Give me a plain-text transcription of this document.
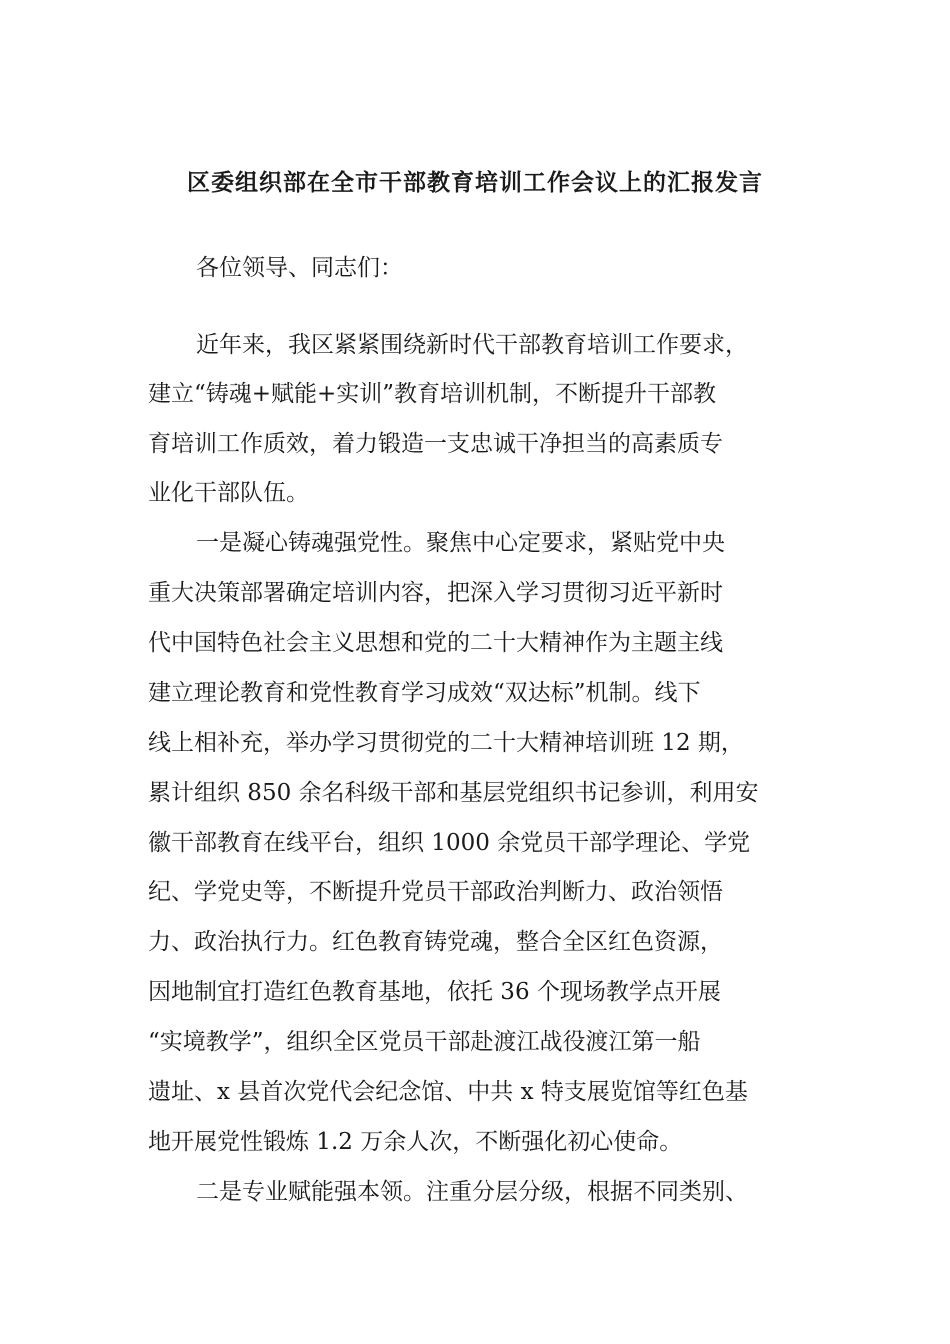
区委组织部在全市干部教育培训工作会议上的汇报发言

各位领导、同志们：

近年来，我区紧紧围绕新时代干部教育培训工作要求，

建立“铸魂+赋能+实训”教育培训机制，不断提升干部教

育培训工作质效，着力锻造一支忠诚干净担当的高素质专

业化干部队伍。

一是凝心铸魂强党性。聚焦中心定要求，紧贴党中央

重大决策部署确定培训内容，把深入学习贯彻习近平新时

代中国特色社会主义思想和党的二十大精神作为主题主线

建立理论教育和党性教育学习成效“双达标”机制。线下

线上相补充，举办学习贯彻党的二十大精神培训班 12 期，

累计组织 850 余名科级干部和基层党组织书记参训，利用安

徽干部教育在线平台，组织 1000 余党员干部学理论、学党

纪、学党史等，不断提升党员干部政治判断力、政治领悟

力、政治执行力。红色教育铸党魂，整合全区红色资源，

因地制宜打造红色教育基地，依托 36 个现场教学点开展

“实境教学”，组织全区党员干部赴渡江战役渡江第一船

遗址、x 县首次党代会纪念馆、中共 x 特支展览馆等红色基

地开展党性锻炼 1.2 万余人次，不断强化初心使命。

二是专业赋能强本领。注重分层分级，根据不同类别、
